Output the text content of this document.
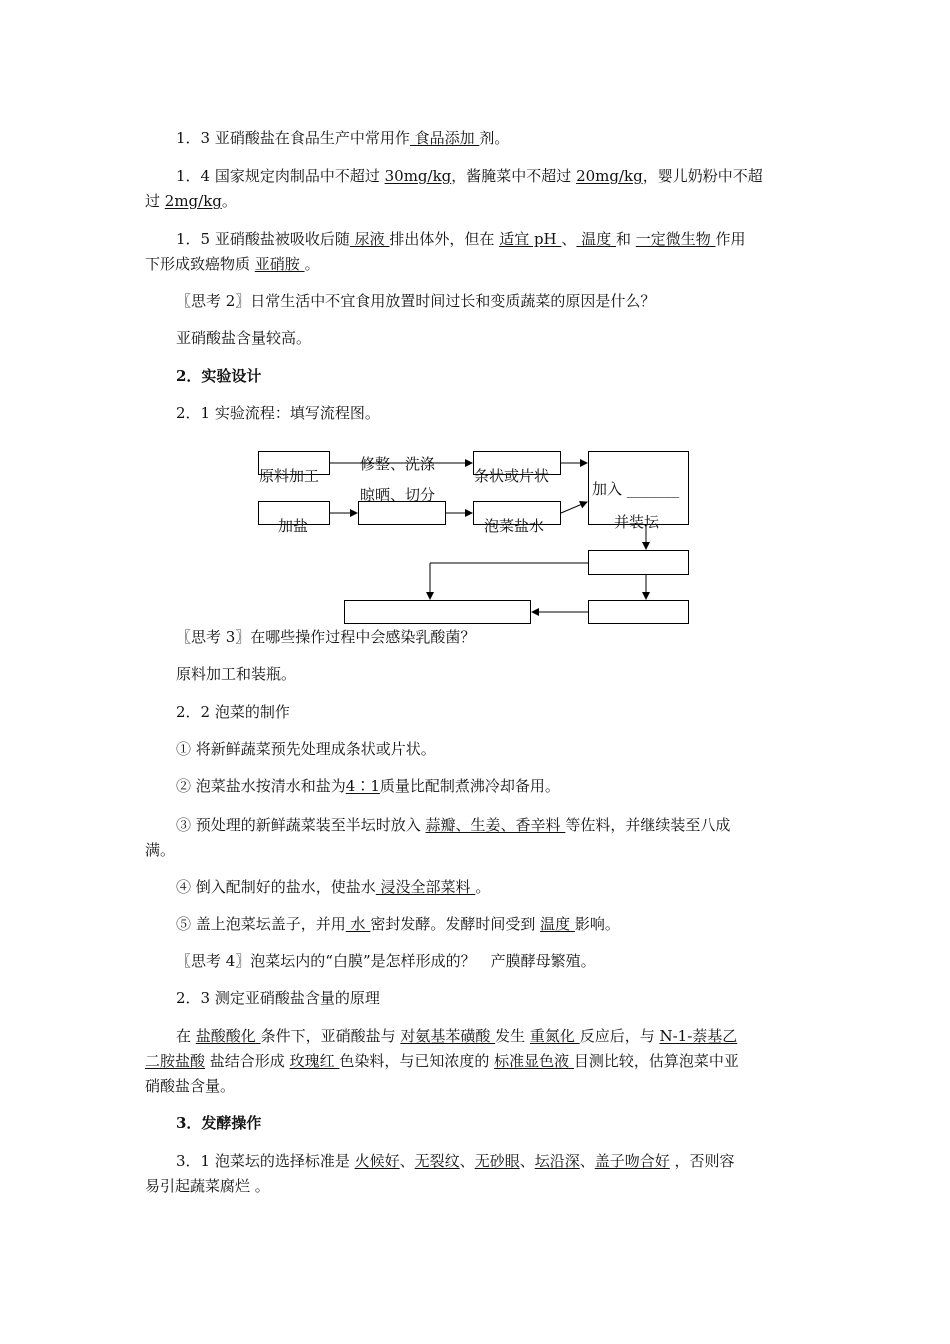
1．3 亚硝酸盐在食品生产中常用作 食品添加 剂。
1．4 国家规定肉制品中不超过 30mg/kg，酱腌菜中不超过 20mg/kg，婴儿奶粉中不超
过 2mg/kg。
1．5 亚硝酸盐被吸收后随 尿液 排出体外，但在 适宜 pH 、 温度 和 一定微生物 作用
下形成致癌物质 亚硝胺 。
〖思考 2〗日常生活中不宜食用放置时间过长和变质蔬菜的原因是什么？
亚硝酸盐含量较高。
2．实验设计
2．1 实验流程：填写流程图。
原料加工
修整、洗涤
晾晒、切分
条状或片状
加入 _______
并装坛
加盐	泡菜盐水
〖思考 3〗在哪些操作过程中会感染乳酸菌？
原料加工和装瓶。
2．2 泡菜的制作
① 将新鲜蔬菜预先处理成条状或片状。
② 泡菜盐水按清水和盐为4∶1质量比配制煮沸冷却备用。
③ 预处理的新鲜蔬菜装至半坛时放入 蒜瓣、生姜、香辛料 等佐料，并继续装至八成
满。
④ 倒入配制好的盐水，使盐水 浸没全部菜料 。
⑤ 盖上泡菜坛盖子，并用 水 密封发酵。发酵时间受到 温度 影响。
〖思考 4〗泡菜坛内的“白膜”是怎样形成的？　产膜酵母繁殖。
2．3 测定亚硝酸盐含量的原理
在 盐酸酸化 条件下，亚硝酸盐与 对氨基苯磺酸 发生 重氮化 反应后，与 N-1-萘基乙
二胺盐酸 盐结合形成 玫瑰红 色染料，与已知浓度的 标准显色液 目测比较，估算泡菜中亚
硝酸盐含量。
3．发酵操作
3．1 泡菜坛的选择标准是 火候好、无裂纹、无砂眼、坛沿深、盖子吻合好 ，否则容
易引起蔬菜腐烂 。
